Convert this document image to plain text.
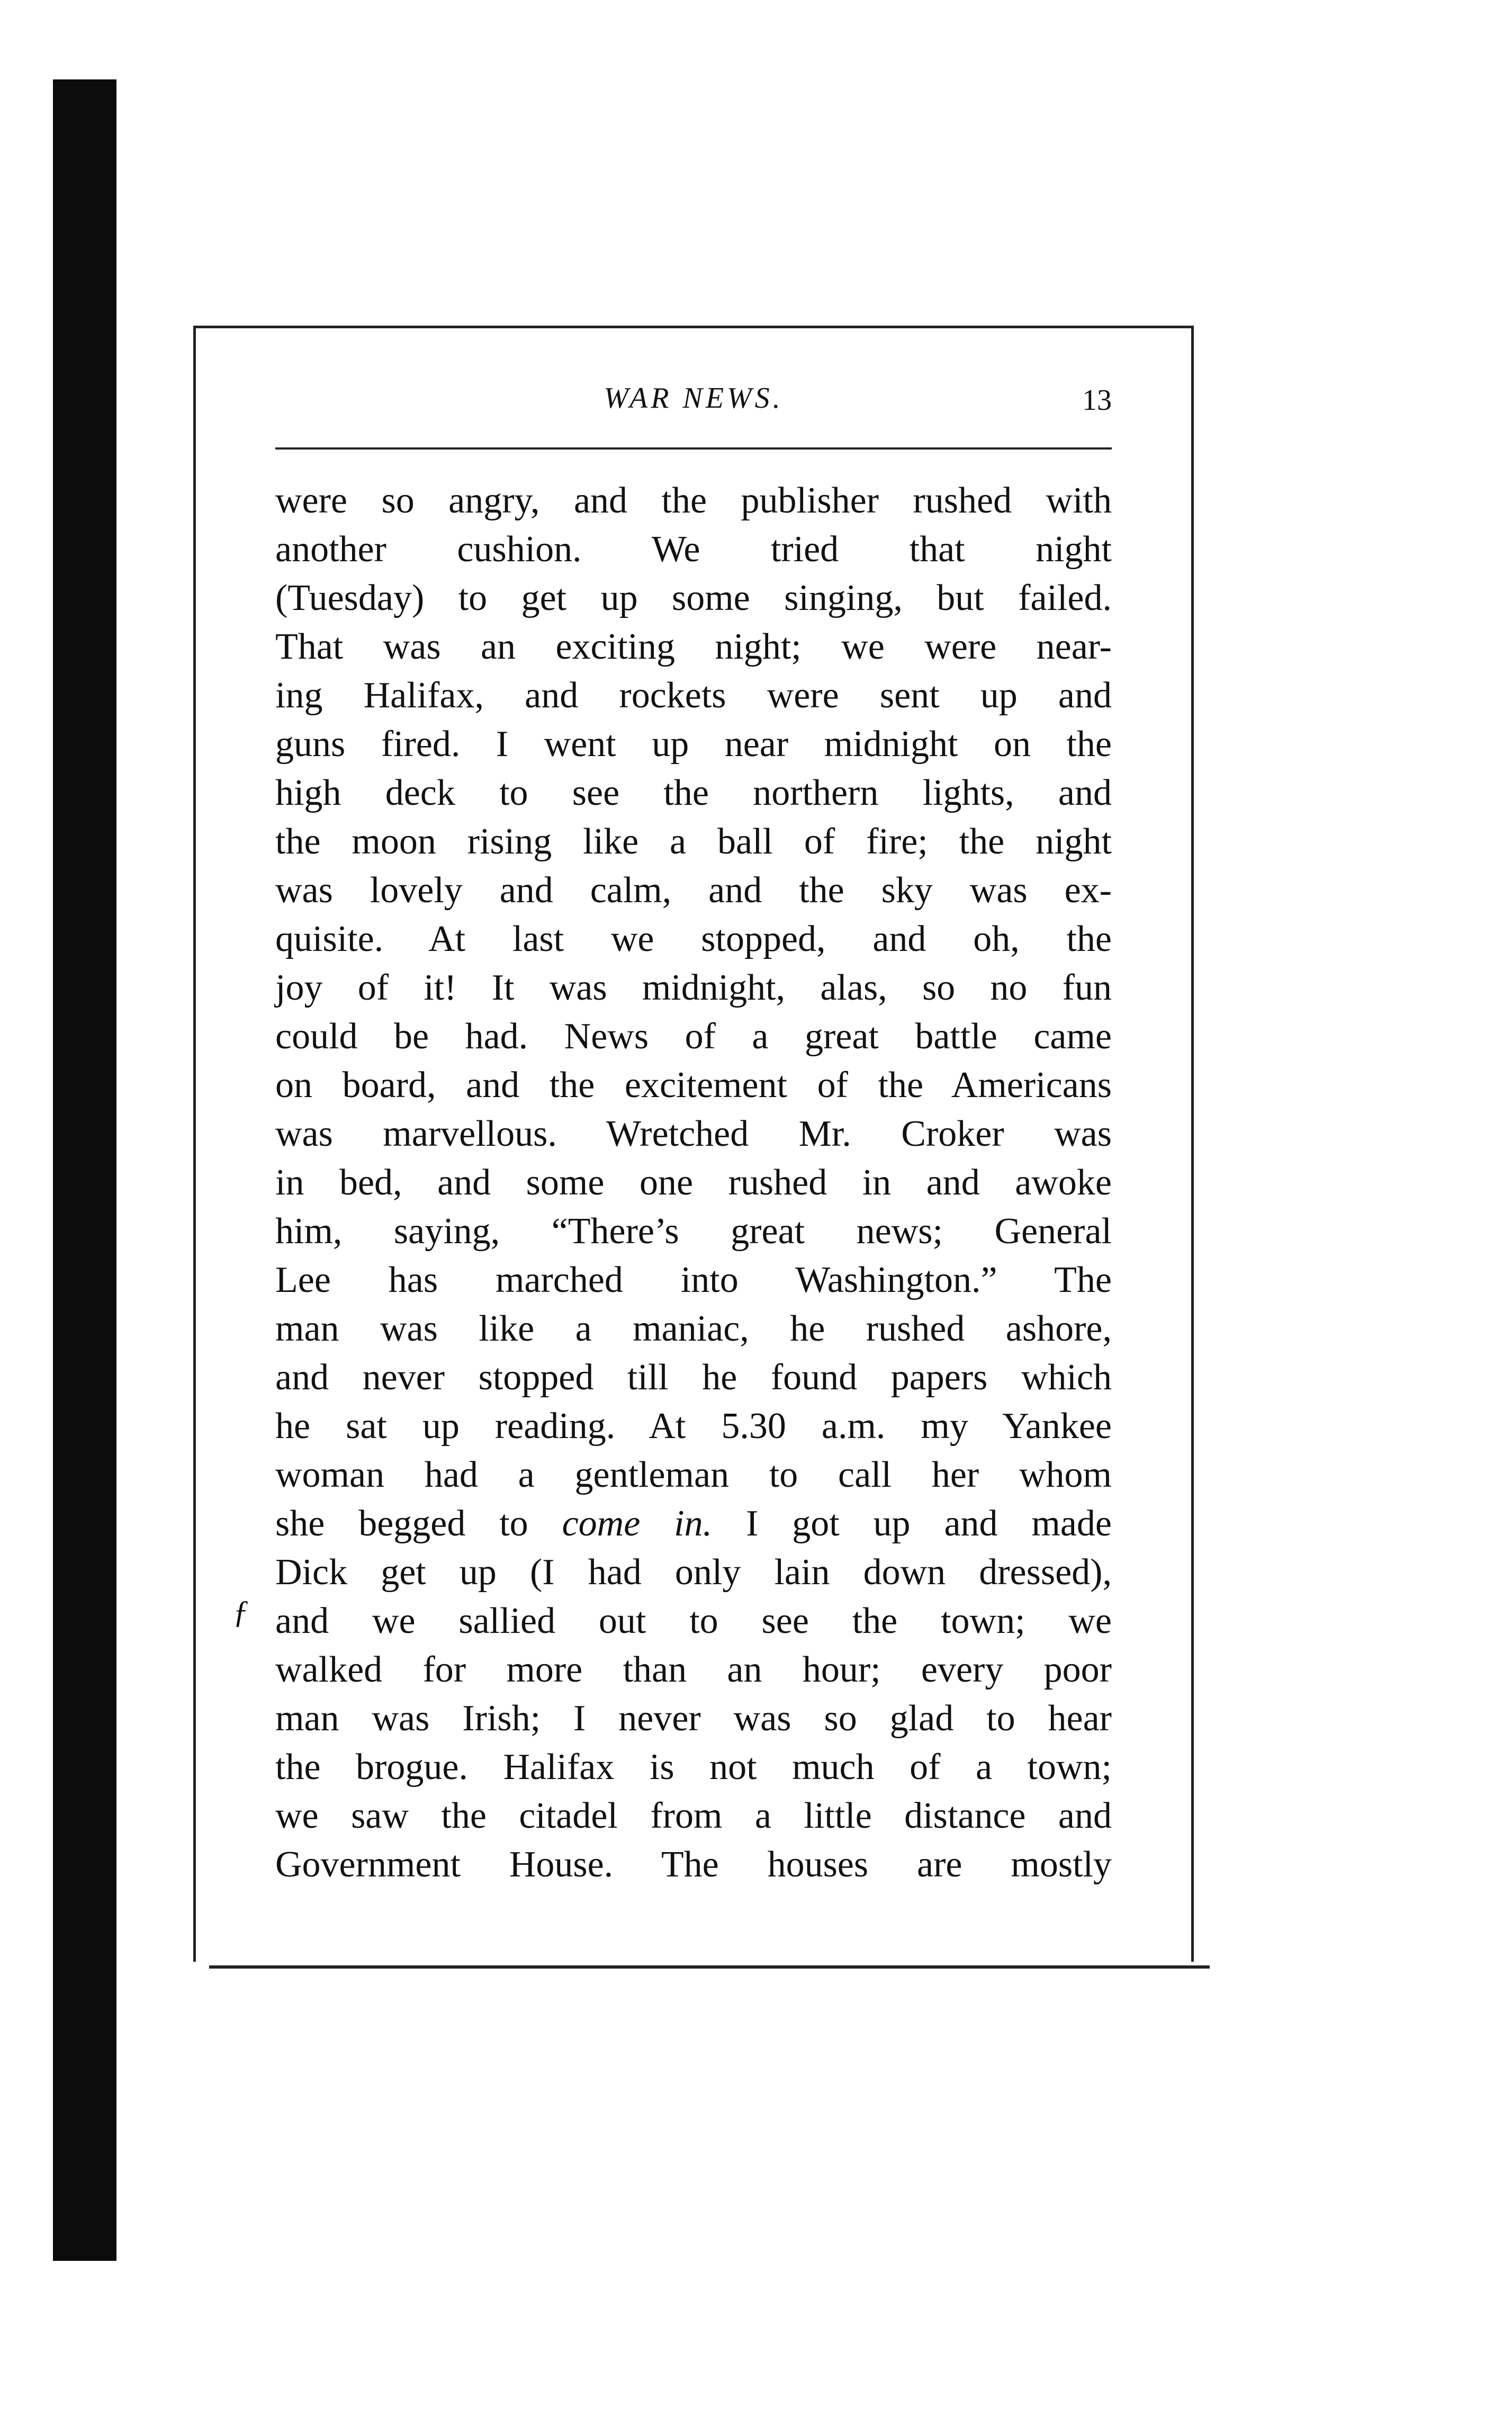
WAR NEWS.	13
ƒ
were so angry, and the publisher rushed with
another cushion. We tried that night
(Tuesday) to get up some singing, but failed.
That was an exciting night; we were near-
ing Halifax, and rockets were sent up and
guns fired. I went up near midnight on the
high deck to see the northern lights, and
the moon rising like a ball of fire; the night
was lovely and calm, and the sky was ex-
quisite. At last we stopped, and oh, the
joy of it! It was midnight, alas, so no fun
could be had. News of a great battle came
on board, and the excitement of the Americans
was marvellous. Wretched Mr. Croker was
in bed, and some one rushed in and awoke
him, saying, “There’s great news; General
Lee has marched into Washington.” The
man was like a maniac, he rushed ashore,
and never stopped till he found papers which
he sat up reading. At 5.30 a.m. my Yankee
woman had a gentleman to call her whom
she begged to come in. I got up and made
Dick get up (I had only lain down dressed),
and we sallied out to see the town; we
walked for more than an hour; every poor
man was Irish; I never was so glad to hear
the brogue. Halifax is not much of a town;
we saw the citadel from a little distance and
Government House. The houses are mostly
